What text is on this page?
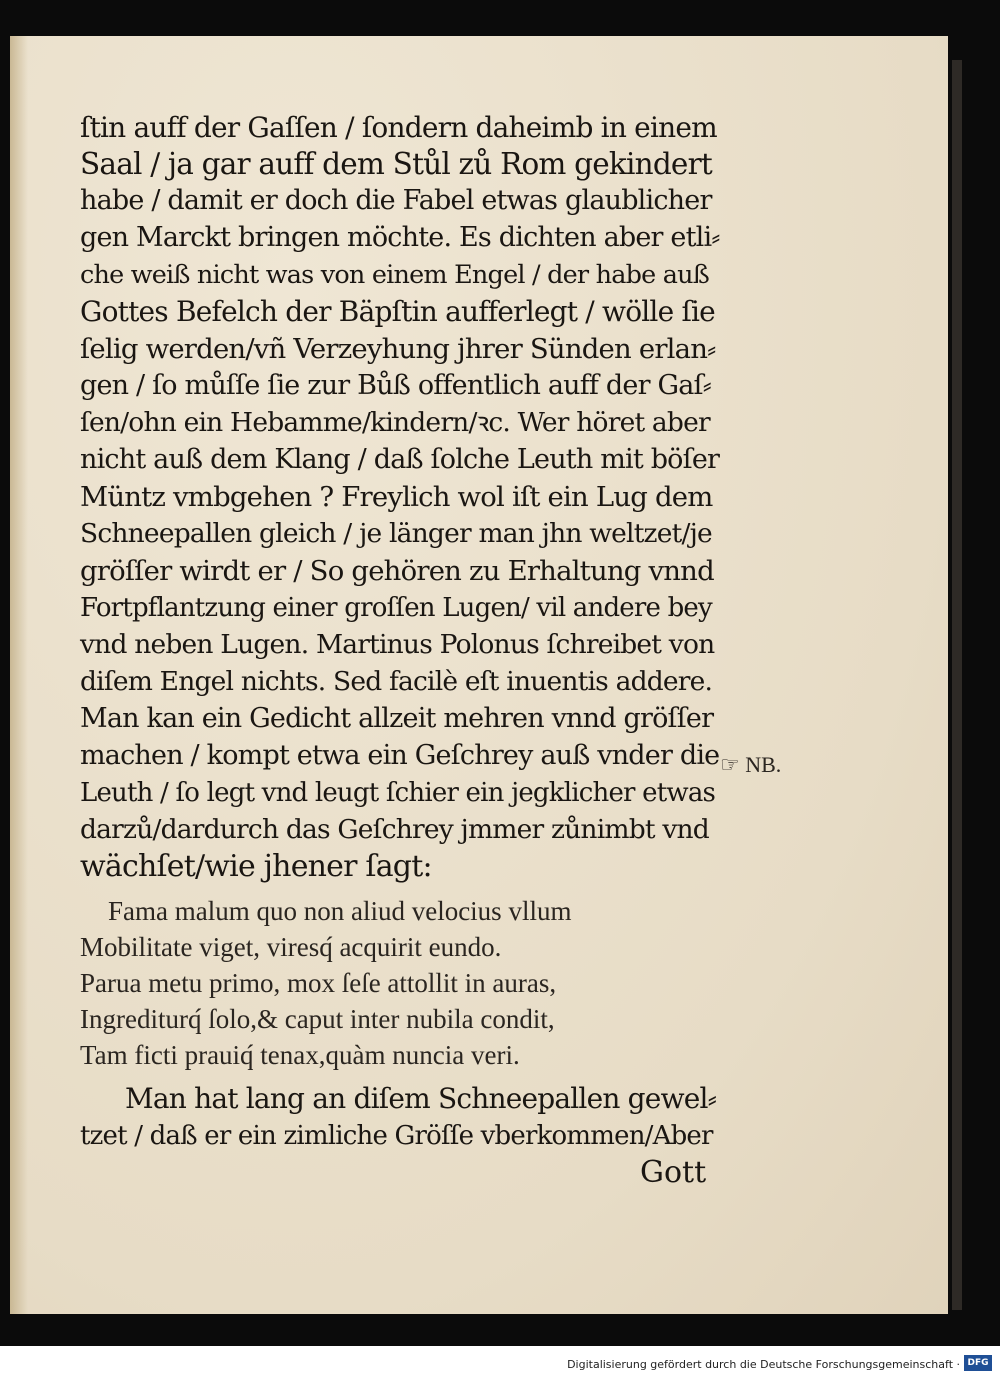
ſtin auff der Gaſſen / ſondern daheimb in einem
Saal / ja gar auff dem Stůl zů Rom gekindert
habe / damit er doch die Fabel etwas glaublicher
gen Marckt bringen möchte. Es dichten aber etli⸗
che weiß nicht was von einem Engel / der habe auß
Gottes Befelch der Bäpſtin aufferlegt / wölle ſie
ſelig werden/vñ Verzeyhung jhrer Sünden erlan⸗
gen / ſo můſſe ſie zur Bůß offentlich auff der Gaſ⸗
ſen/ohn ein Hebamme/kindern/ꝛc. Wer höret aber
nicht auß dem Klang / daß ſolche Leuth mit böſer
Müntz vmbgehen ? Freylich wol iſt ein Lug dem
Schneepallen gleich / je länger man jhn weltzet/je
gröſſer wirdt er / So gehören zu Erhaltung vnnd
Fortpflantzung einer groſſen Lugen/ vil andere bey
vnd neben Lugen. Martinus Polonus ſchreibet von
diſem Engel nichts. Sed facilè eſt inuentis addere.
Man kan ein Gedicht allzeit mehren vnnd gröſſer
machen / kompt etwa ein Geſchrey auß vnder die
Leuth / ſo legt vnd leugt ſchier ein jegklicher etwas
darzů/dardurch das Geſchrey jmmer zůnimbt vnd
wächſet/wie jhener ſagt:
Fama malum quo non aliud velocius vllum
Mobilitate viget, viresq́ acquirit eundo.
Parua metu primo, mox ſeſe attollit in auras,
Ingrediturq́ ſolo,& caput inter nubila condit,
Tam ficti prauiq́ tenax,quàm nuncia veri.
Man hat lang an diſem Schneepallen gewel⸗
tzet / daß er ein zimliche Gröſſe vberkommen/Aber
Gott
☞ NB.
Digitalisierung gefördert durch die Deutsche Forschungsgemeinschaft · DFG
